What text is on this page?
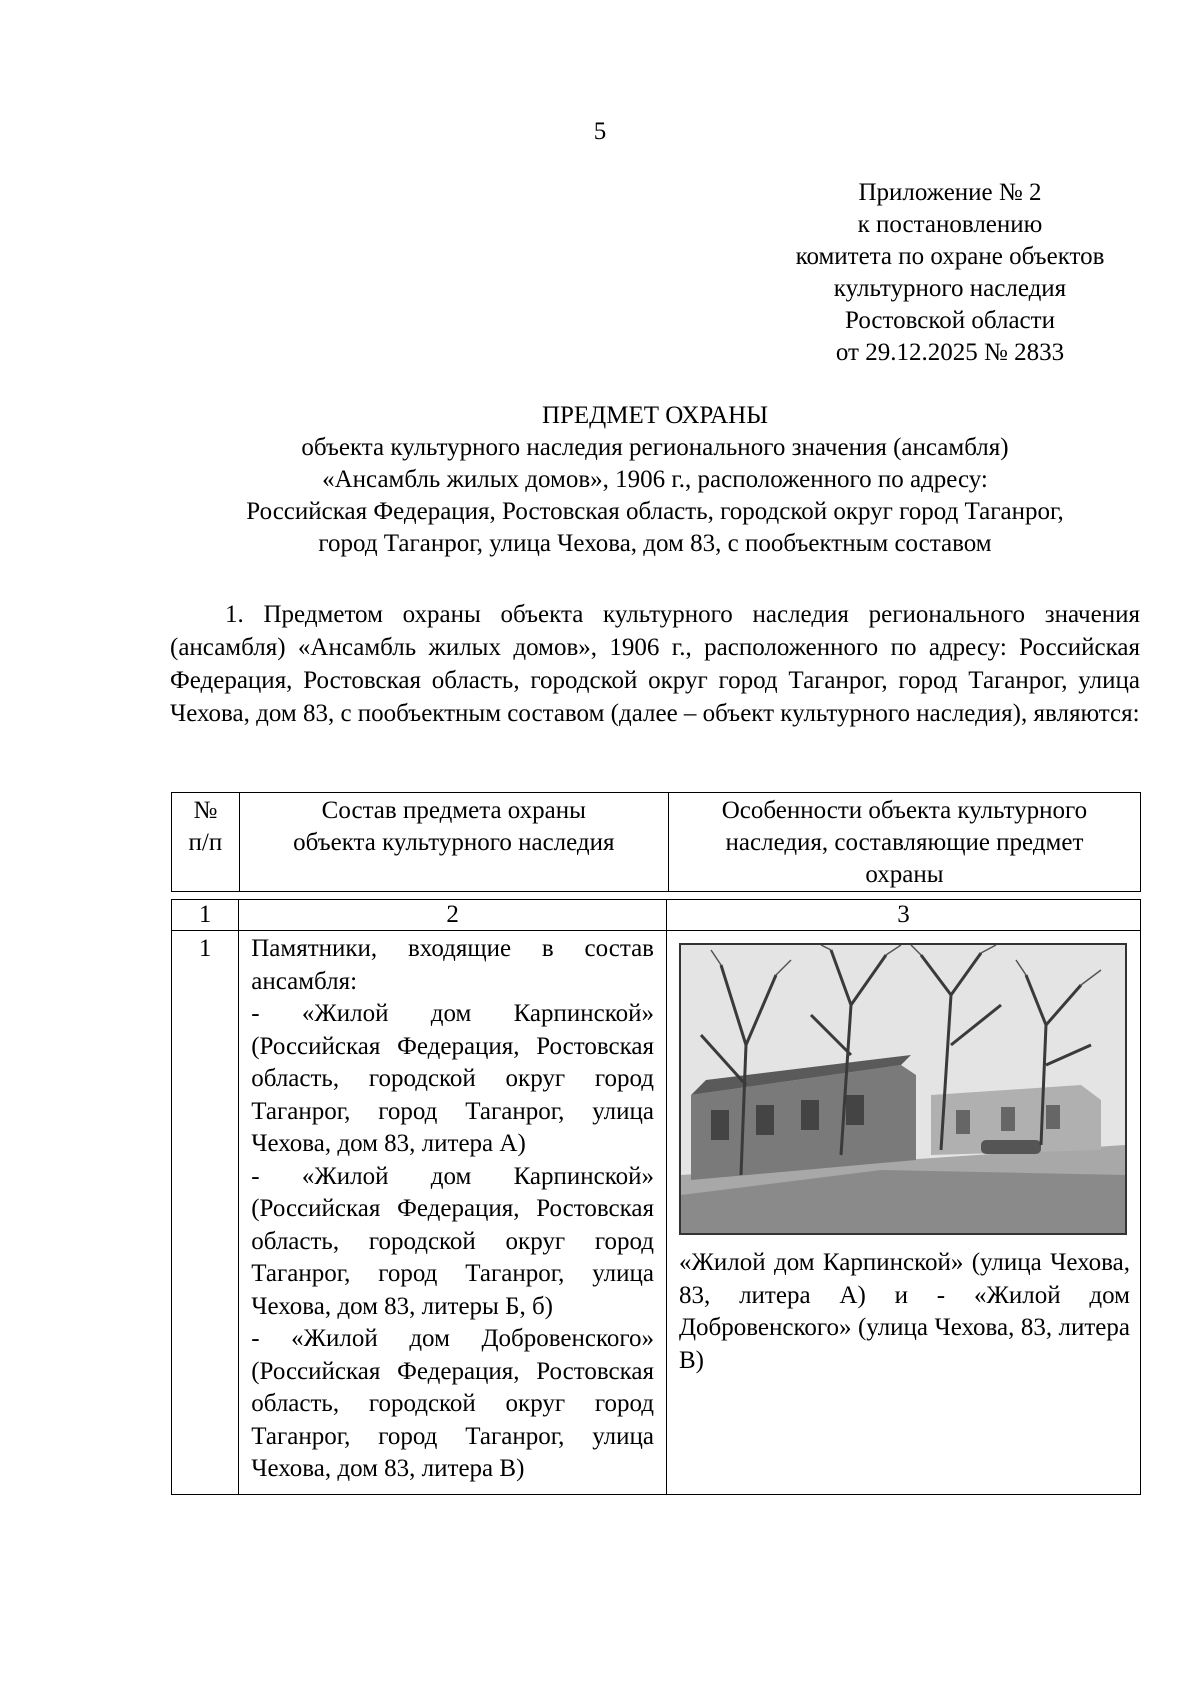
5
Приложение № 2
к постановлению
комитета по охране объектов
культурного наследия
Ростовской области
от 29.12.2025 № 2833
ПРЕДМЕТ ОХРАНЫ
объекта культурного наследия регионального значения (ансамбля)
«Ансамбль жилых домов», 1906 г., расположенного по адресу:
Российская Федерация, Ростовская область, городской округ город Таганрог,
город Таганрог, улица Чехова, дом 83, с пообъектным составом
1. Предметом охраны объекта культурного наследия регионального значения (ансамбля) «Ансамбль жилых домов», 1906 г., расположенного по адресу: Российская Федерация, Ростовская область, городской округ город Таганрог, город Таганрог, улица Чехова, дом 83, с пообъектным составом (далее – объект культурного наследия), являются:
№
п/п

Состав предмета охраны
объекта культурного наследия

Особенности объекта культурного
наследия, составляющие предмет
охраны
1	2	3
1	Памятники, входящие в состав ансамбля:
- «Жилой дом Карпинской» (Российская Федерация, Ростовская область, городской округ город Таганрог, город Таганрог, улица Чехова, дом 83, литера А)
- «Жилой дом Карпинской» (Российская Федерация, Ростовская область, городской округ город Таганрог, город Таганрог, улица Чехова, дом 83, литеры Б, б)
- «Жилой дом Добровенского» (Российская Федерация, Ростовская область, городской округ город Таганрог, город Таганрог, улица Чехова, дом 83, литера В)	«Жилой дом Карпинской» (улица Чехова, 83, литера А) и - «Жилой дом Добровенского» (улица Чехова, 83, литера В)
